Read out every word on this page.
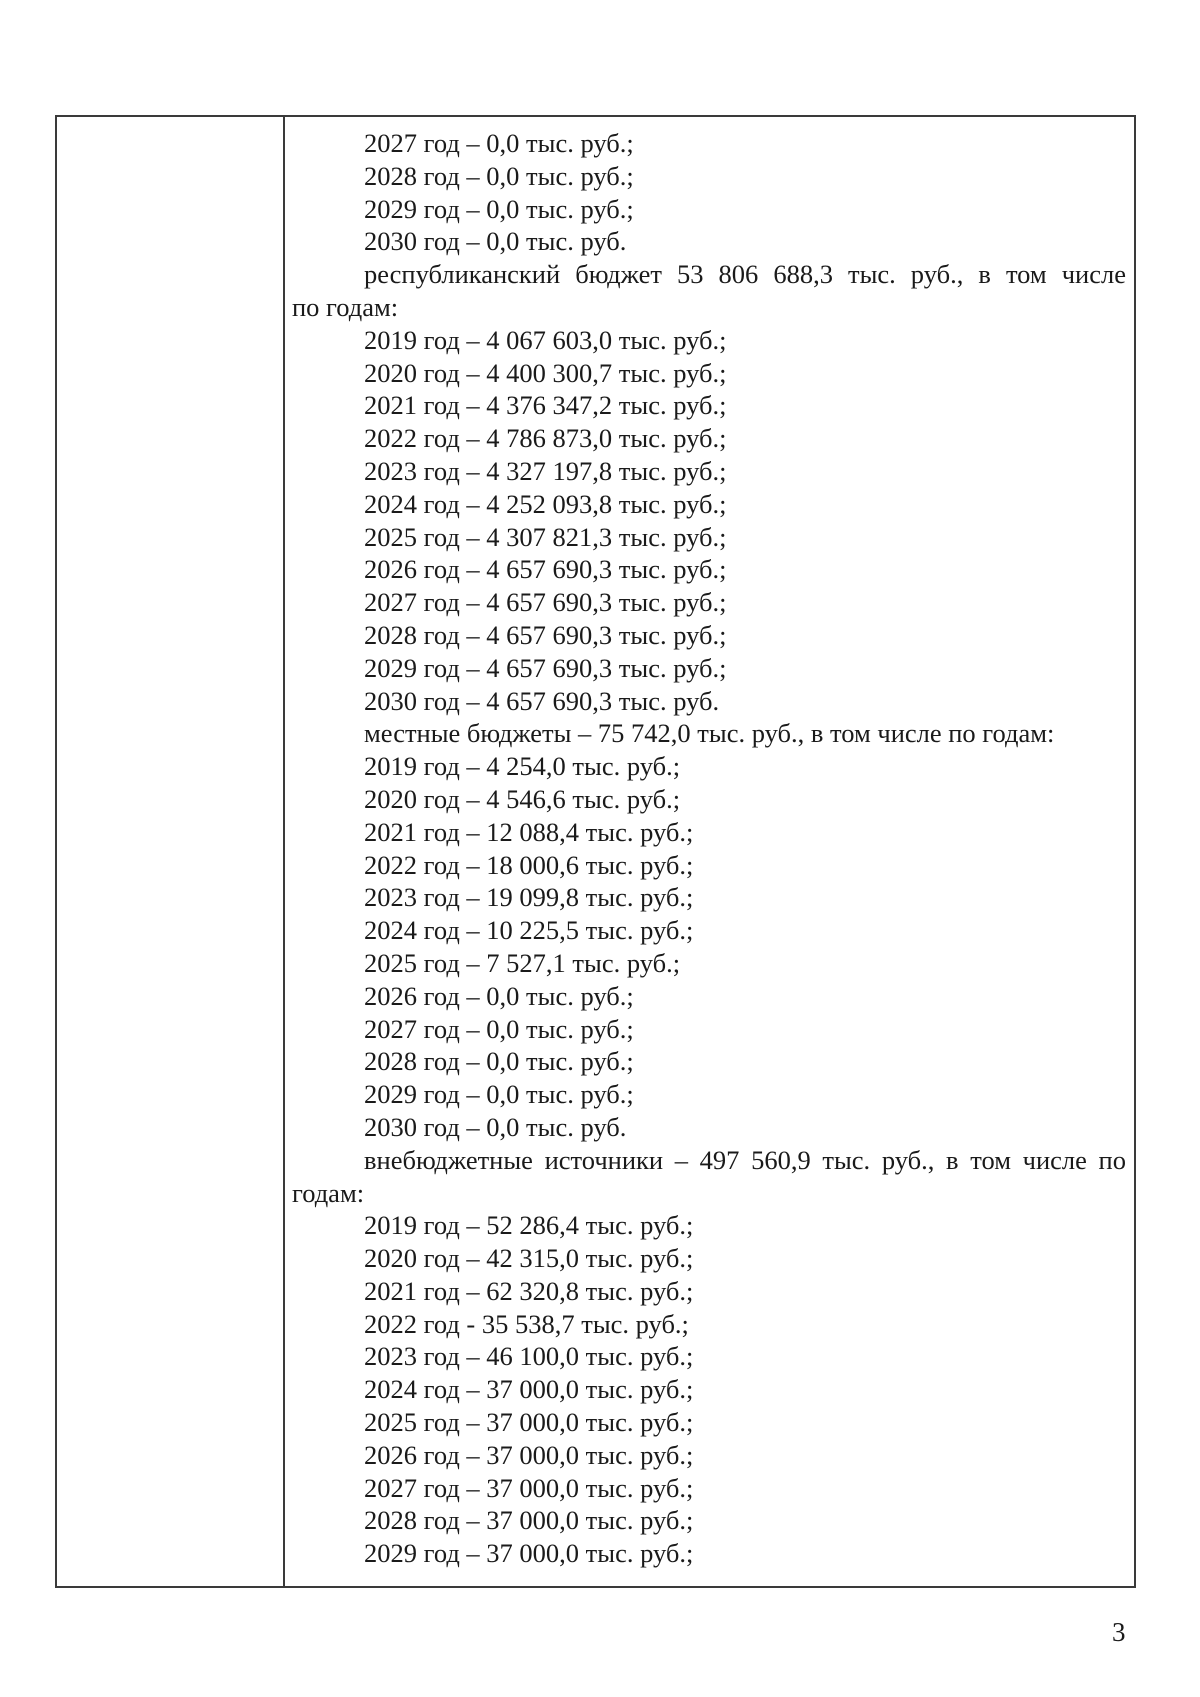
2027 год – 0,0 тыс. руб.;
2028 год – 0,0 тыс. руб.;
2029 год – 0,0 тыс. руб.;
2030 год – 0,0 тыс. руб.
республиканский бюджет 53 806 688,3 тыс. руб., в том числе
по годам:
2019 год – 4 067 603,0 тыс. руб.;
2020 год – 4 400 300,7 тыс. руб.;
2021 год – 4 376 347,2 тыс. руб.;
2022 год – 4 786 873,0 тыс. руб.;
2023 год – 4 327 197,8 тыс. руб.;
2024 год – 4 252 093,8 тыс. руб.;
2025 год – 4 307 821,3 тыс. руб.;
2026 год – 4 657 690,3 тыс. руб.;
2027 год – 4 657 690,3 тыс. руб.;
2028 год – 4 657 690,3 тыс. руб.;
2029 год – 4 657 690,3 тыс. руб.;
2030 год – 4 657 690,3 тыс. руб.
местные бюджеты – 75 742,0 тыс. руб., в том числе по годам:
2019 год – 4 254,0 тыс. руб.;
2020 год – 4 546,6 тыс. руб.;
2021 год – 12 088,4 тыс. руб.;
2022 год – 18 000,6 тыс. руб.;
2023 год – 19 099,8 тыс. руб.;
2024 год – 10 225,5 тыс. руб.;
2025 год – 7 527,1 тыс. руб.;
2026 год – 0,0 тыс. руб.;
2027 год – 0,0 тыс. руб.;
2028 год – 0,0 тыс. руб.;
2029 год – 0,0 тыс. руб.;
2030 год – 0,0 тыс. руб.
внебюджетные источники – 497 560,9 тыс. руб., в том числе по
годам:
2019 год – 52 286,4 тыс. руб.;
2020 год – 42 315,0 тыс. руб.;
2021 год – 62 320,8 тыс. руб.;
2022 год - 35 538,7 тыс. руб.;
2023 год – 46 100,0 тыс. руб.;
2024 год – 37 000,0 тыс. руб.;
2025 год – 37 000,0 тыс. руб.;
2026 год – 37 000,0 тыс. руб.;
2027 год – 37 000,0 тыс. руб.;
2028 год – 37 000,0 тыс. руб.;
2029 год – 37 000,0 тыс. руб.;
3
